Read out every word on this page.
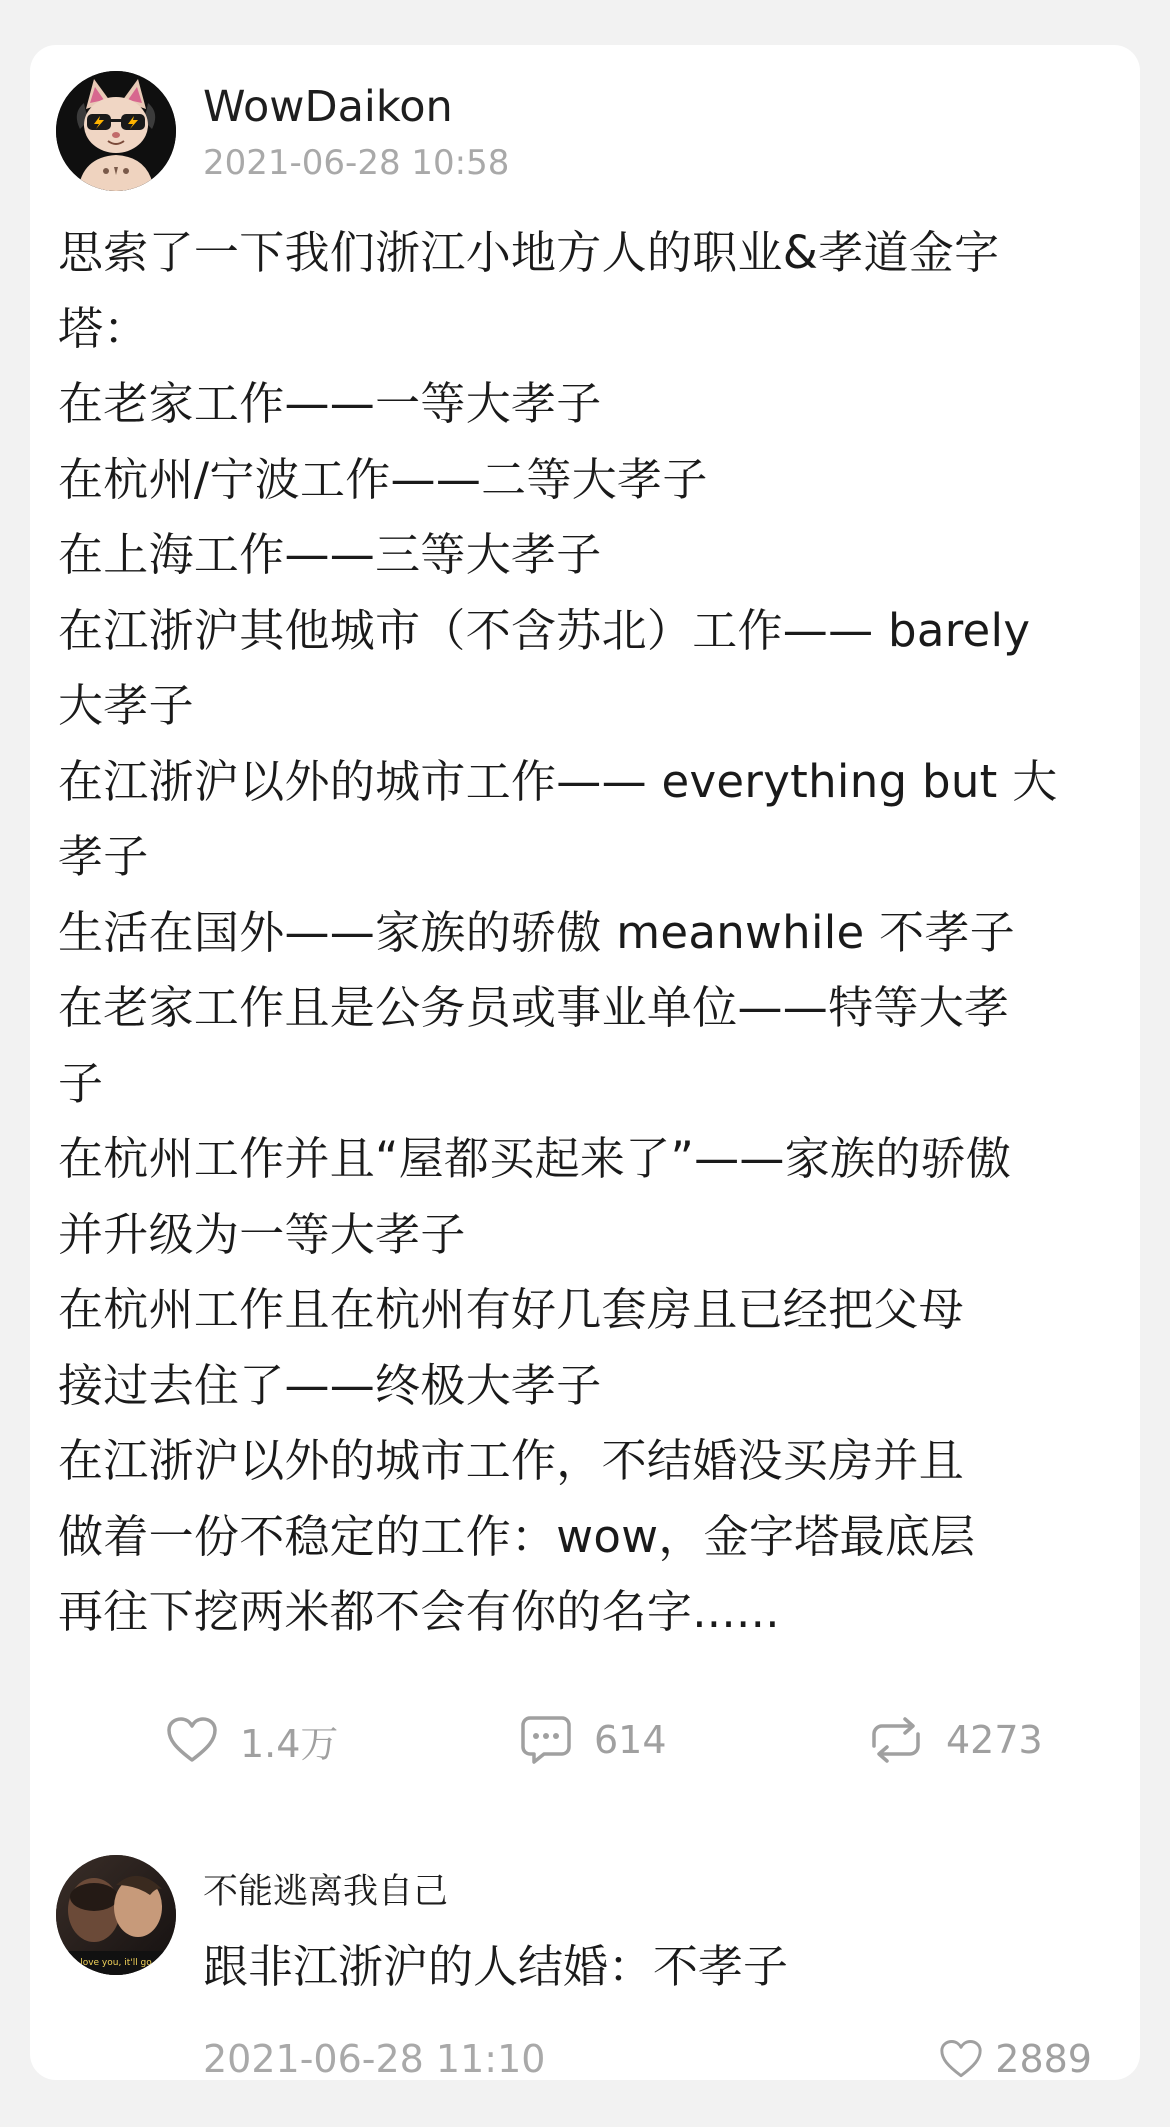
WowDaikon
2021-06-28 10:58
思索了一下我们浙江小地方人的职业&孝道金字
塔：
在老家工作——一等大孝子
在杭州/宁波工作——二等大孝子
在上海工作——三等大孝子
在江浙沪其他城市（不含苏北）工作—— barely
大孝子
在江浙沪以外的城市工作—— everything but 大
孝子
生活在国外——家族的骄傲 meanwhile 不孝子
在老家工作且是公务员或事业单位——特等大孝
子
在杭州工作并且“屋都买起来了”——家族的骄傲
并升级为一等大孝子
在杭州工作且在杭州有好几套房且已经把父母
接过去住了——终极大孝子
在江浙沪以外的城市工作，不结婚没买房并且
做着一份不稳定的工作：wow，金字塔最底层
再往下挖两米都不会有你的名字......
1.4万	614	4273
love you, it'll go
不能逃离我自己
跟非江浙沪的人结婚：不孝子
2021-06-28 11:10	2889
